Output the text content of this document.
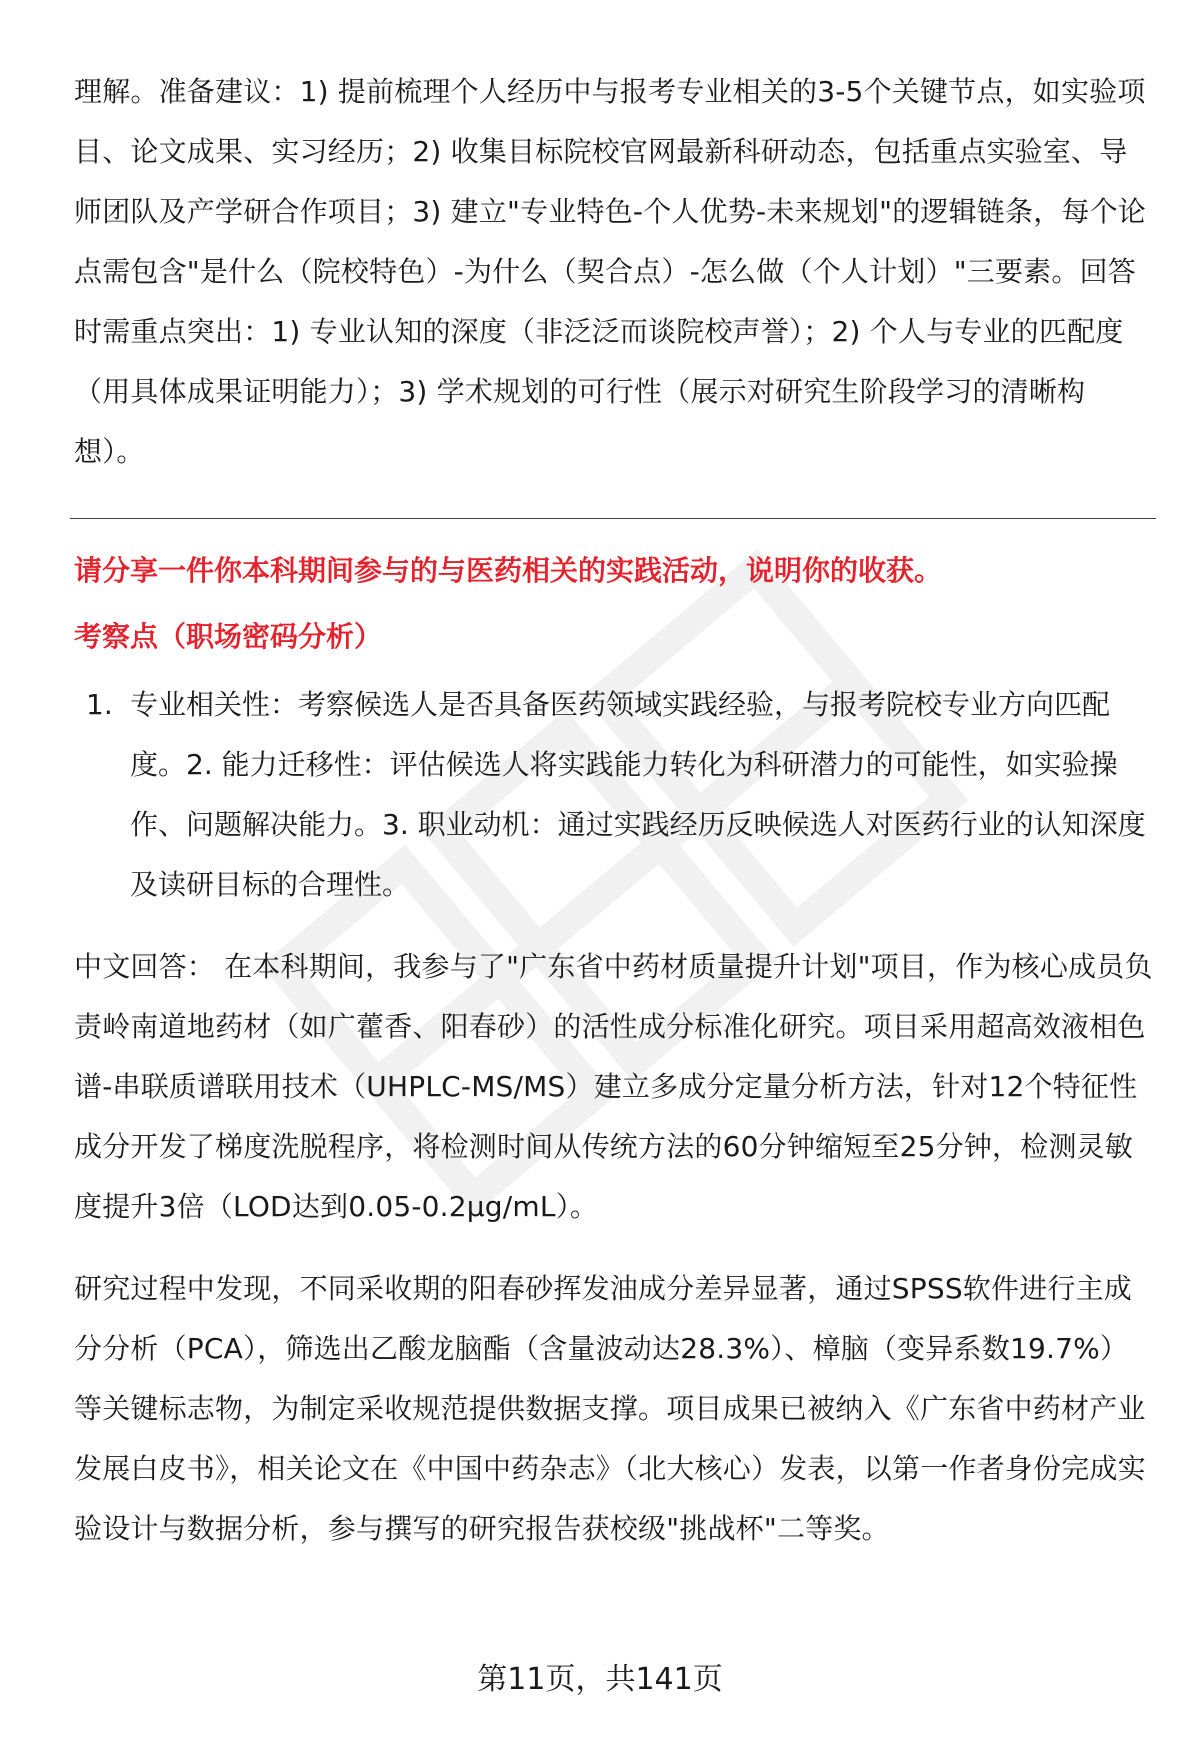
理解。准备建议：1) 提前梳理个人经历中与报考专业相关的3-5个关键节点，如实验项目、论文成果、实习经历；2) 收集目标院校官网最新科研动态，包括重点实验室、导师团队及产学研合作项目；3) 建立"专业特色-个人优势-未来规划"的逻辑链条，每个论点需包含"是什么（院校特色）-为什么（契合点）-怎么做（个人计划）"三要素。回答时需重点突出：1) 专业认知的深度（非泛泛而谈院校声誉）；2) 个人与专业的匹配度（用具体成果证明能力）；3) 学术规划的可行性（展示对研究生阶段学习的清晰构想）。

请分享一件你本科期间参与的与医药相关的实践活动，说明你的收获。

考察点（职场密码分析）

1. 专业相关性：考察候选人是否具备医药领域实践经验，与报考院校专业方向匹配度。2. 能力迁移性：评估候选人将实践能力转化为科研潜力的可能性，如实验操作、问题解决能力。3. 职业动机：通过实践经历反映候选人对医药行业的认知深度及读研目标的合理性。

中文回答： 在本科期间，我参与了"广东省中药材质量提升计划"项目，作为核心成员负责岭南道地药材（如广藿香、阳春砂）的活性成分标准化研究。项目采用超高效液相色谱-串联质谱联用技术（UHPLC-MS/MS）建立多成分定量分析方法，针对12个特征性成分开发了梯度洗脱程序，将检测时间从传统方法的60分钟缩短至25分钟，检测灵敏度提升3倍（LOD达到0.05-0.2μg/mL）。

研究过程中发现，不同采收期的阳春砂挥发油成分差异显著，通过SPSS软件进行主成分分析（PCA），筛选出乙酸龙脑酯（含量波动达28.3%）、樟脑（变异系数19.7%）等关键标志物，为制定采收规范提供数据支撑。项目成果已被纳入《广东省中药材产业发展白皮书》，相关论文在《中国中药杂志》（北大核心）发表，以第一作者身份完成实验设计与数据分析，参与撰写的研究报告获校级"挑战杯"二等奖。

第11页，共141页
